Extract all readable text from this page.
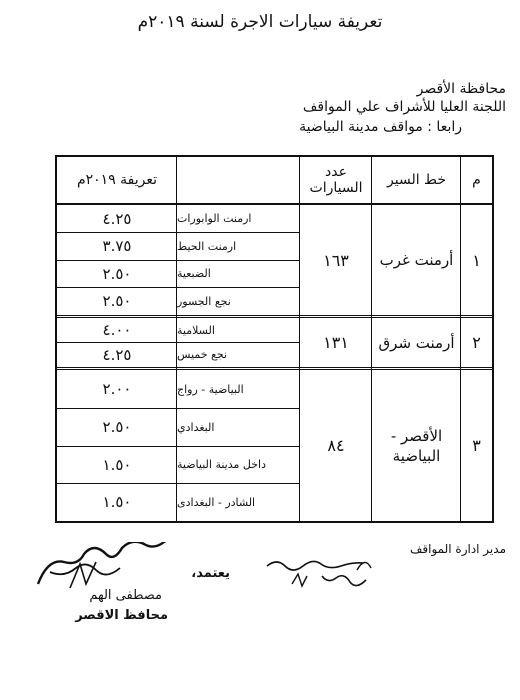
تعريفة سيارات الاجرة لسنة ٢٠١٩م
محافظة الأقصر
اللجنة العليا للأشراف علي المواقف
رابعا : مواقف مدينة البياضية
م
خط السير
عدد السيارات
تعريفة ٢٠١٩م
١
أرمنت غرب
١٦٣
ارمنت الوابورات
٤.٢٥
ارمنت الحيط
٣.٧٥
الضبعية
٢.٥٠
نجع الجسور
٢.٥٠
٢
أرمنت شرق
١٣١
السلامية
٤.٠٠
نجع خميس
٤.٢٥
٣
الأقصر - البياضية
٨٤
البياضية - رواج
٢.٠٠
البغدادي
٢.٥٠
داخل مدينة البياضية
١.٥٠
الشادر - البغدادى
١.٥٠
مدير ادارة المواقف
يعتمد،
مصطفى الهم
محافظ الاقصر
